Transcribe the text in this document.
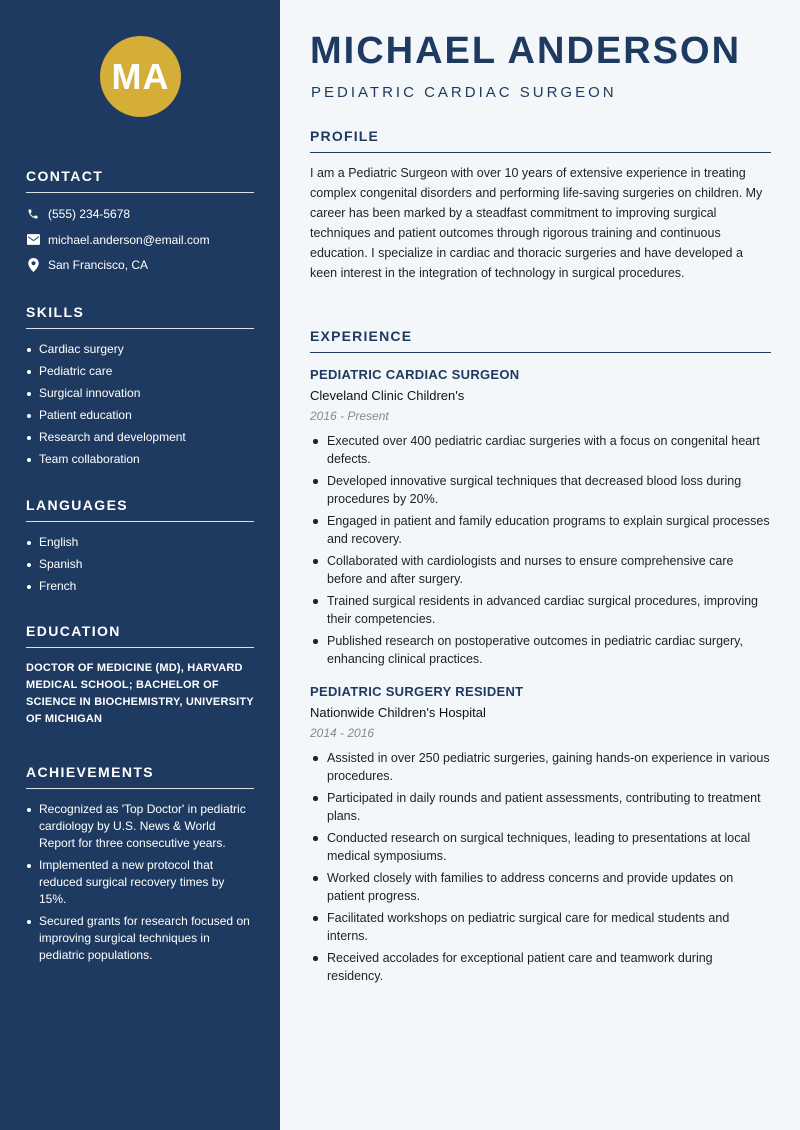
MA
CONTACT
(555) 234-5678
michael.anderson@email.com
San Francisco, CA
SKILLS
Cardiac surgery
Pediatric care
Surgical innovation
Patient education
Research and development
Team collaboration
LANGUAGES
English
Spanish
French
EDUCATION
DOCTOR OF MEDICINE (MD), HARVARD MEDICAL SCHOOL; BACHELOR OF SCIENCE IN BIOCHEMISTRY, UNIVERSITY OF MICHIGAN
ACHIEVEMENTS
Recognized as 'Top Doctor' in pediatric cardiology by U.S. News & World Report for three consecutive years.
Implemented a new protocol that reduced surgical recovery times by 15%.
Secured grants for research focused on improving surgical techniques in pediatric populations.
MICHAEL ANDERSON
PEDIATRIC CARDIAC SURGEON
PROFILE

I am a Pediatric Surgeon with over 10 years of extensive experience in treating complex congenital disorders and performing life-saving surgeries on children. My career has been marked by a steadfast commitment to improving surgical techniques and patient outcomes through rigorous training and continuous education. I specialize in cardiac and thoracic surgeries and have developed a keen interest in the integration of technology in surgical procedures.

EXPERIENCE
PEDIATRIC CARDIAC SURGEON
Cleveland Clinic Children's
2016 - Present
Executed over 400 pediatric cardiac surgeries with a focus on congenital heart defects.
Developed innovative surgical techniques that decreased blood loss during procedures by 20%.
Engaged in patient and family education programs to explain surgical processes and recovery.
Collaborated with cardiologists and nurses to ensure comprehensive care before and after surgery.
Trained surgical residents in advanced cardiac surgical procedures, improving their competencies.
Published research on postoperative outcomes in pediatric cardiac surgery, enhancing clinical practices.
PEDIATRIC SURGERY RESIDENT
Nationwide Children's Hospital
2014 - 2016
Assisted in over 250 pediatric surgeries, gaining hands-on experience in various procedures.
Participated in daily rounds and patient assessments, contributing to treatment plans.
Conducted research on surgical techniques, leading to presentations at local medical symposiums.
Worked closely with families to address concerns and provide updates on patient progress.
Facilitated workshops on pediatric surgical care for medical students and interns.
Received accolades for exceptional patient care and teamwork during residency.
